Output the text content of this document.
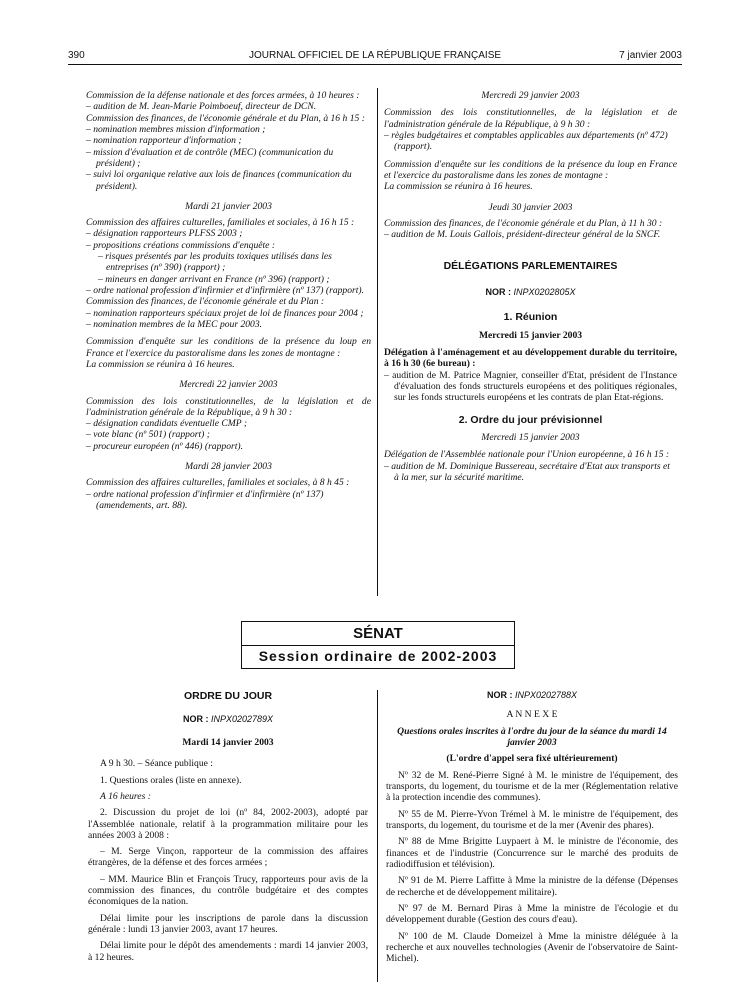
390	JOURNAL OFFICIEL DE LA RÉPUBLIQUE FRANÇAISE	7 janvier 2003

Commission de la défense nationale et des forces armées, à 10 heures :

– audition de M. Jean-Marie Poimboeuf, directeur de DCN.

Commission des finances, de l'économie générale et du Plan, à 16 h 15 :

– nomination membres mission d'information ;

– nomination rapporteur d'information ;

– mission d'évaluation et de contrôle (MEC) (communication du président) ;

– suivi loi organique relative aux lois de finances (communication du président).

Mardi 21 janvier 2003

Commission des affaires culturelles, familiales et sociales, à 16 h 15 :

– désignation rapporteurs PLFSS 2003 ;

– propositions créations commissions d'enquête :

– risques présentés par les produits toxiques utilisés dans les entreprises (nº 390) (rapport) ;

– mineurs en danger arrivant en France (nº 396) (rapport) ;

– ordre national profession d'infirmier et d'infirmière (nº 137) (rapport).

Commission des finances, de l'économie générale et du Plan :

– nomination rapporteurs spéciaux projet de loi de finances pour 2004 ;

– nomination membres de la MEC pour 2003.

Commission d'enquête sur les conditions de la présence du loup en France et l'exercice du pastoralisme dans les zones de montagne :

La commission se réunira à 16 heures.

Mercredi 22 janvier 2003

Commission des lois constitutionnelles, de la législation et de l'administration générale de la République, à 9 h 30 :

– désignation candidats éventuelle CMP ;

– vote blanc (nº 501) (rapport) ;

– procureur européen (nº 446) (rapport).

Mardi 28 janvier 2003

Commission des affaires culturelles, familiales et sociales, à 8 h 45 :

– ordre national profession d'infirmier et d'infirmière (nº 137) (amendements, art. 88).

Mercredi 29 janvier 2003

Commission des lois constitutionnelles, de la législation et de l'administration générale de la République, à 9 h 30 :

– règles budgétaires et comptables applicables aux départements (nº 472) (rapport).

Commission d'enquête sur les conditions de la présence du loup en France et l'exercice du pastoralisme dans les zones de montagne :

La commission se réunira à 16 heures.

Jeudi 30 janvier 2003

Commission des finances, de l'économie générale et du Plan, à 11 h 30 :

– audition de M. Louis Gallois, président-directeur général de la SNCF.

DÉLÉGATIONS PARLEMENTAIRES

NOR : INPX0202805X

1. Réunion

Mercredi 15 janvier 2003

Délégation à l'aménagement et au développement durable du territoire, à 16 h 30 (6e bureau) :

– audition de M. Patrice Magnier, conseiller d'Etat, président de l'Instance d'évaluation des fonds structurels européens et des politiques régionales, sur les fonds structurels européens et les contrats de plan Etat-régions.

2. Ordre du jour prévisionnel

Mercredi 15 janvier 2003

Délégation de l'Assemblée nationale pour l'Union européenne, à 16 h 15 :

– audition de M. Dominique Bussereau, secrétaire d'Etat aux transports et à la mer, sur la sécurité maritime.

SÉNAT
Session ordinaire de 2002-2003

ORDRE DU JOUR

NOR : INPX0202789X

Mardi 14 janvier 2003

A 9 h 30. – Séance publique :

1. Questions orales (liste en annexe).

A 16 heures :

2. Discussion du projet de loi (nº 84, 2002-2003), adopté par l'Assemblée nationale, relatif à la programmation militaire pour les années 2003 à 2008 :

– M. Serge Vinçon, rapporteur de la commission des affaires étrangères, de la défense et des forces armées ;

– MM. Maurice Blin et François Trucy, rapporteurs pour avis de la commission des finances, du contrôle budgétaire et des comptes économiques de la nation.

Délai limite pour les inscriptions de parole dans la discussion générale : lundi 13 janvier 2003, avant 17 heures.

Délai limite pour le dépôt des amendements : mardi 14 janvier 2003, à 12 heures.

NOR : INPX0202788X

A N N E X E

Questions orales inscrites à l'ordre du jour de la séance du mardi 14 janvier 2003

(L'ordre d'appel sera fixé ultérieurement)

Nº 32 de M. René-Pierre Signé à M. le ministre de l'équipement, des transports, du logement, du tourisme et de la mer (Réglementation relative à la protection incendie des communes).

Nº 55 de M. Pierre-Yvon Trémel à M. le ministre de l'équipement, des transports, du logement, du tourisme et de la mer (Avenir des phares).

Nº 88 de Mme Brigitte Luypaert à M. le ministre de l'économie, des finances et de l'industrie (Concurrence sur le marché des produits de radiodiffusion et télévision).

Nº 91 de M. Pierre Laffitte à Mme la ministre de la défense (Dépenses de recherche et de développement militaire).

Nº 97 de M. Bernard Piras à Mme la ministre de l'écologie et du développement durable (Gestion des cours d'eau).

Nº 100 de M. Claude Domeizel à Mme la ministre déléguée à la recherche et aux nouvelles technologies (Avenir de l'observatoire de Saint-Michel).
